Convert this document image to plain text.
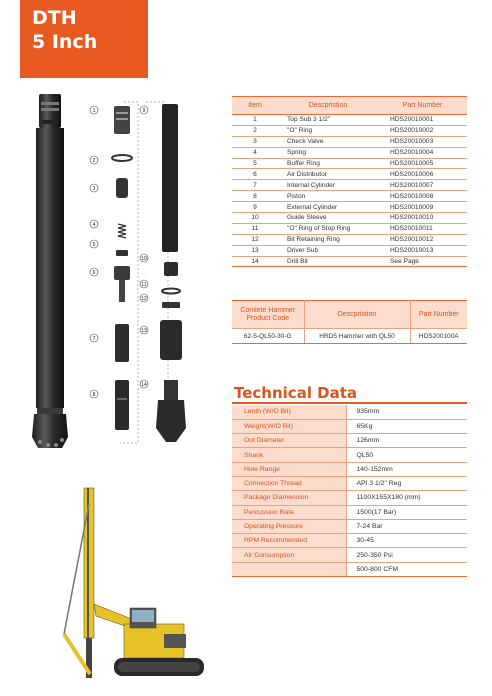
DTH
5 Inch
1
2
3
4
5
6
7
8
9
10
11
12
13
14
Item	Descpristion	Part Number
1	Top Sub 3 1/2"	HDS20010001
2	"O" Ring	HDS20010002
3	Check Valve	HDS20010003
4	Spring	HDS20010004
5	Buffer Ring	HDS20010005
6	Air Distributor	HDS20010006
7	Internal Cylinder	HDS20010007
8	Piston	HDS20010008
9	External Cylinder	HDS20010009
10	Guide Sleeve	HDS20010010
11	"O" Ring of Stop Ring	HDS20010011
12	Bit Retaining Ring	HDS20010012
13	Driver Sub	HDS20010013
14	Drill Bit	See Page
Comlete Hammer
Product Code	Descpristion	Part Number
62-5-QL50-30-G	HRD5 Hammer with QL50	HDS200100A
Technical Data
Lenth (W/O Bit)	935mm
Weight(W/O Bit)	65Kg
Out Diameter	126mm
Shank	QL50
Hole Range	140-152mm
Connection Thread	API 3 1/2" Reg
Package Diamension	1100X155X180 (mm)
Percussion Rate	1500(17 Bar)
Operating Pressure	7-24 Bar
RPM Recommended	30-45
Air Consumption	250-350 Psi
	500-800 CFM
